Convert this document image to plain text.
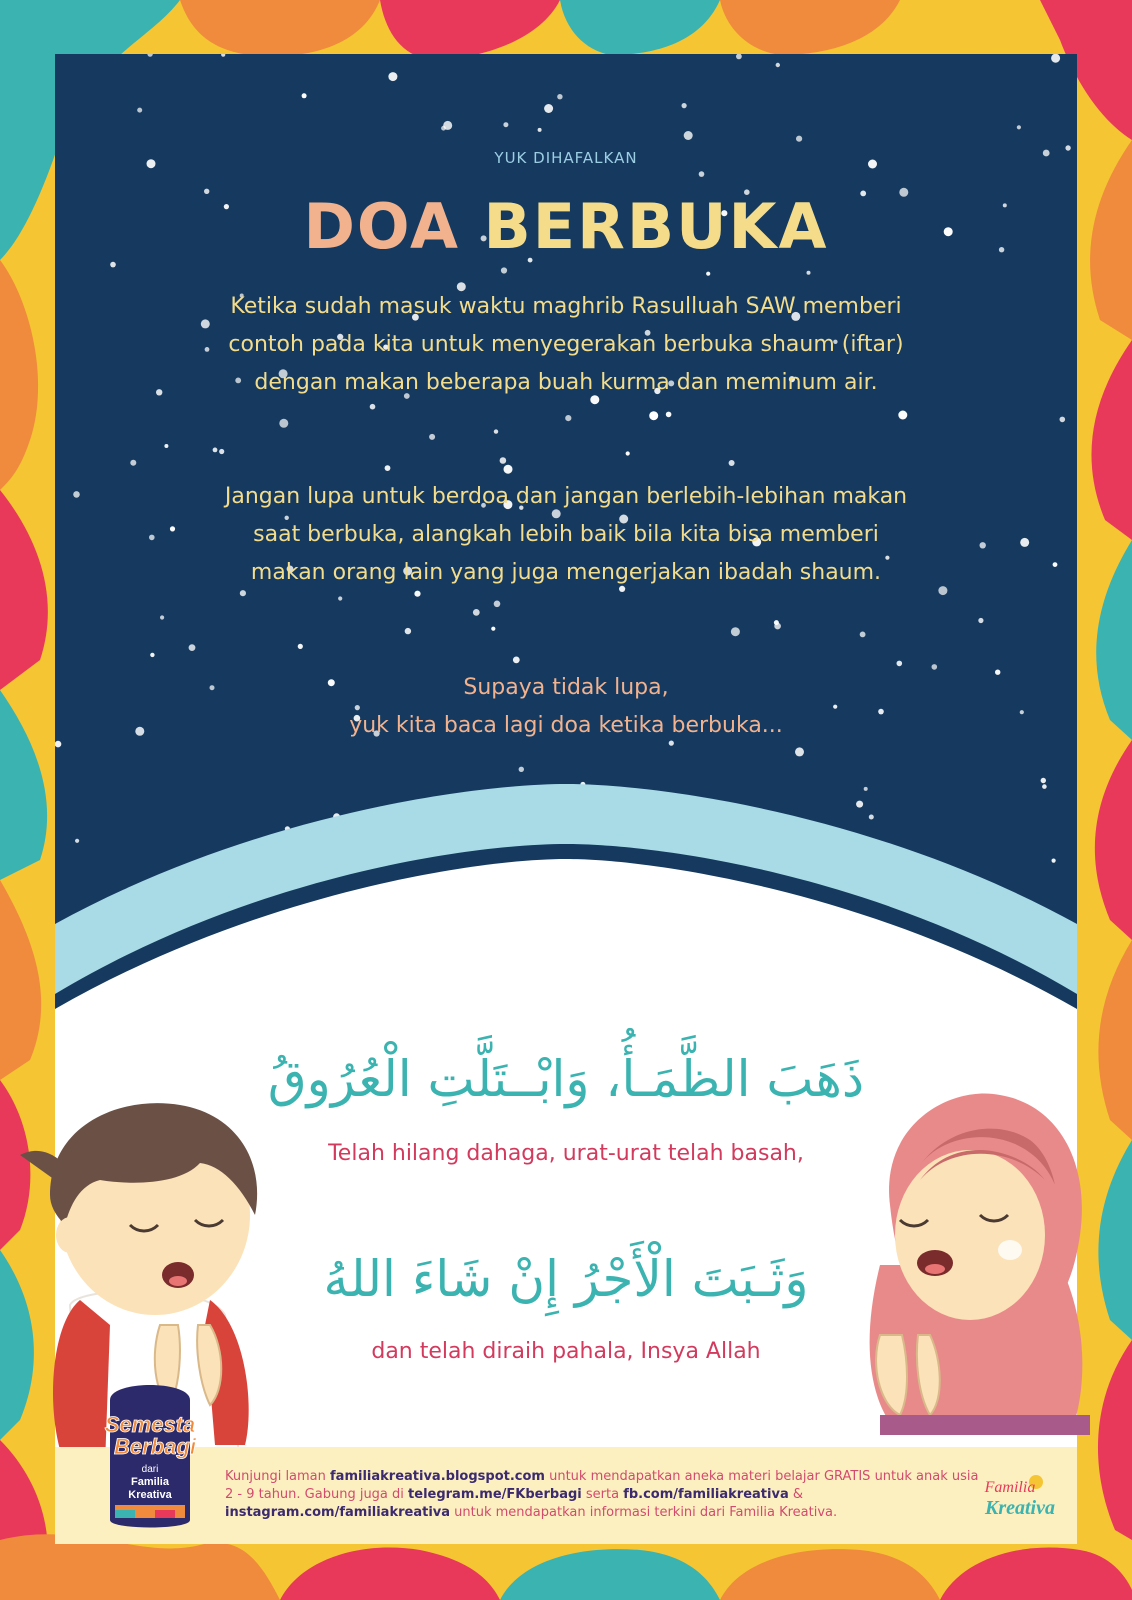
YUK DIHAFALKAN
DOA BERBUKA

Ketika sudah masuk waktu maghrib Rasulluah SAW memberi contoh pada kita untuk menyegerakan berbuka shaum (iftar) dengan makan beberapa buah kurma dan meminum air.

Jangan lupa untuk berdoa dan jangan berlebih-lebihan makan saat berbuka, alangkah lebih baik bila kita bisa memberi makan orang lain yang juga mengerjakan ibadah shaum.

Supaya tidak lupa,
yuk kita baca lagi doa ketika berbuka...

ذَهَبَ الظَّمَـأُ، وَابْــتَلَّتِ الْعُرُوقُ

Telah hilang dahaga, urat-urat telah basah,

وَثَـبَتَ الْأَجْرُ إِنْ شَاءَ اللهُ

dan telah diraih pahala, Insya Allah

Semesta
Berbagi
dari
Familia
Kreativa

Kunjungi laman familiakreativa.blogspot.com untuk mendapatkan aneka materi belajar GRATIS untuk anak usia 2 - 9 tahun. Gabung juga di telegram.me/FKberbagi serta fb.com/familiakreativa & instagram.com/familiakreativa untuk mendapatkan informasi terkini dari Familia Kreativa.

Familia
Kreativa
